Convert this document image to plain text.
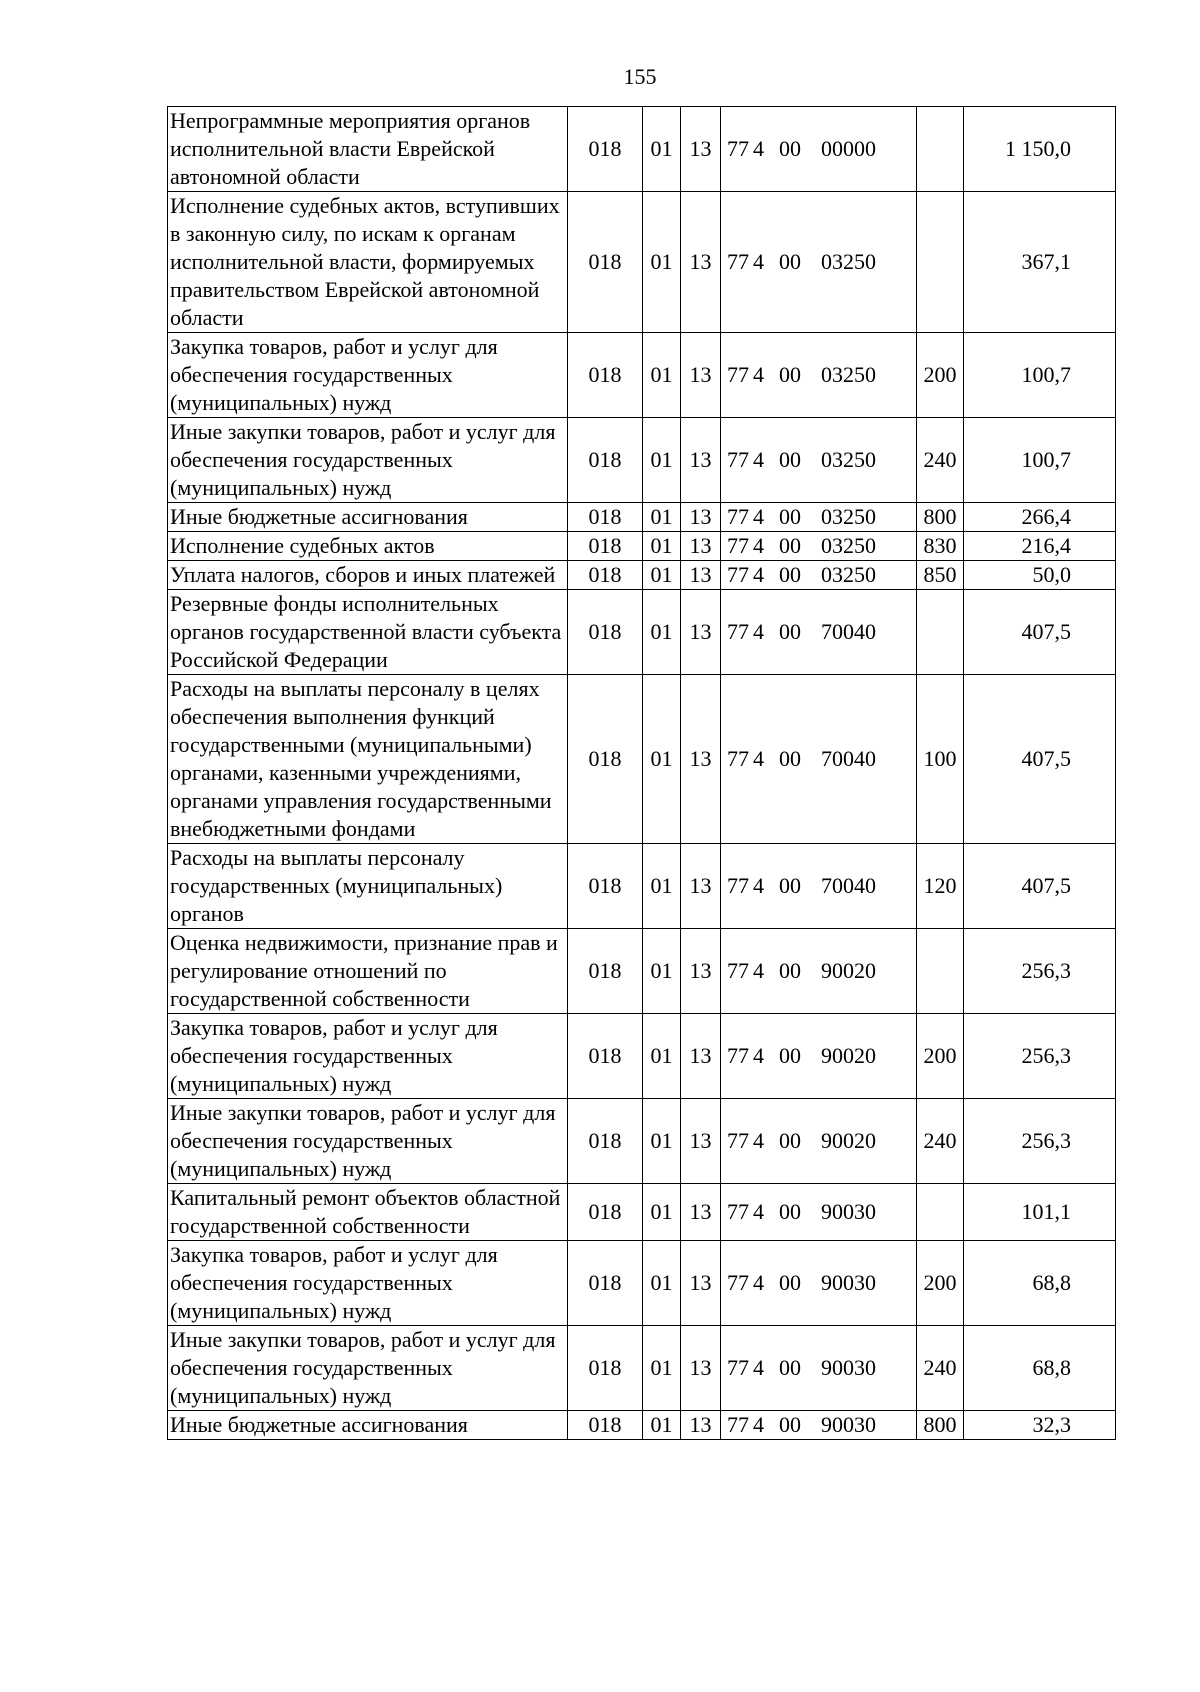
155
Непрограммные мероприятия органов исполнительной власти Еврейской автономной области	018	01	13	77 4 00 00000		1 150,0
Исполнение судебных актов, вступивших в законную силу, по искам к органам исполнительной власти, формируемых правительством Еврейской автономной области	018	01	13	77 4 00 03250		367,1
Закупка товаров, работ и услуг для обеспечения государственных (муниципальных) нужд	018	01	13	77 4 00 03250	200	100,7
Иные закупки товаров, работ и услуг для обеспечения государственных (муниципальных) нужд	018	01	13	77 4 00 03250	240	100,7
Иные бюджетные ассигнования	018	01	13	77 4 00 03250	800	266,4
Исполнение судебных актов	018	01	13	77 4 00 03250	830	216,4
Уплата налогов, сборов и иных платежей	018	01	13	77 4 00 03250	850	50,0
Резервные фонды исполнительных органов государственной власти субъекта Российской Федерации	018	01	13	77 4 00 70040		407,5
Расходы на выплаты персоналу в целях обеспечения выполнения функций государственными (муниципальными) органами, казенными учреждениями, органами управления государственными внебюджетными фондами	018	01	13	77 4 00 70040	100	407,5
Расходы на выплаты персоналу государственных (муниципальных) органов	018	01	13	77 4 00 70040	120	407,5
Оценка недвижимости, признание прав и регулирование отношений по государственной собственности	018	01	13	77 4 00 90020		256,3
Закупка товаров, работ и услуг для обеспечения государственных (муниципальных) нужд	018	01	13	77 4 00 90020	200	256,3
Иные закупки товаров, работ и услуг для обеспечения государственных (муниципальных) нужд	018	01	13	77 4 00 90020	240	256,3
Капитальный ремонт объектов областной государственной собственности	018	01	13	77 4 00 90030		101,1
Закупка товаров, работ и услуг для обеспечения государственных (муниципальных) нужд	018	01	13	77 4 00 90030	200	68,8
Иные закупки товаров, работ и услуг для обеспечения государственных (муниципальных) нужд	018	01	13	77 4 00 90030	240	68,8
Иные бюджетные ассигнования	018	01	13	77 4 00 90030	800	32,3
